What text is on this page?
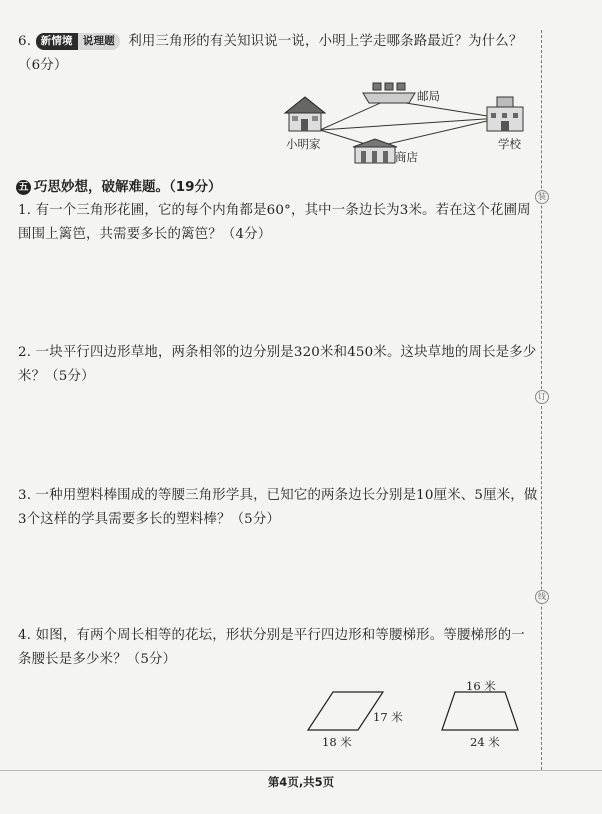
6. 新情境 说理题 利用三角形的有关知识说一说，小明上学走哪条路最近？为什么？（6分）
邮局
小明家
商店
学校
五 巧思妙想，破解难题。（19分）
1. 有一个三角形花圃，它的每个内角都是60°，其中一条边长为3米。若在这个花圃周围围上篱笆，共需要多长的篱笆？（4分）
2. 一块平行四边形草地，两条相邻的边分别是320米和450米。这块草地的周长是多少米？（5分）
3. 一种用塑料棒围成的等腰三角形学具，已知它的两条边长分别是10厘米、5厘米，做3个这样的学具需要多长的塑料棒？（5分）
4. 如图，有两个周长相等的花坛，形状分别是平行四边形和等腰梯形。等腰梯形的一条腰长是多少米？（5分）
17 米
18 米
16 米
24 米
装
订
线
第4页,共5页
